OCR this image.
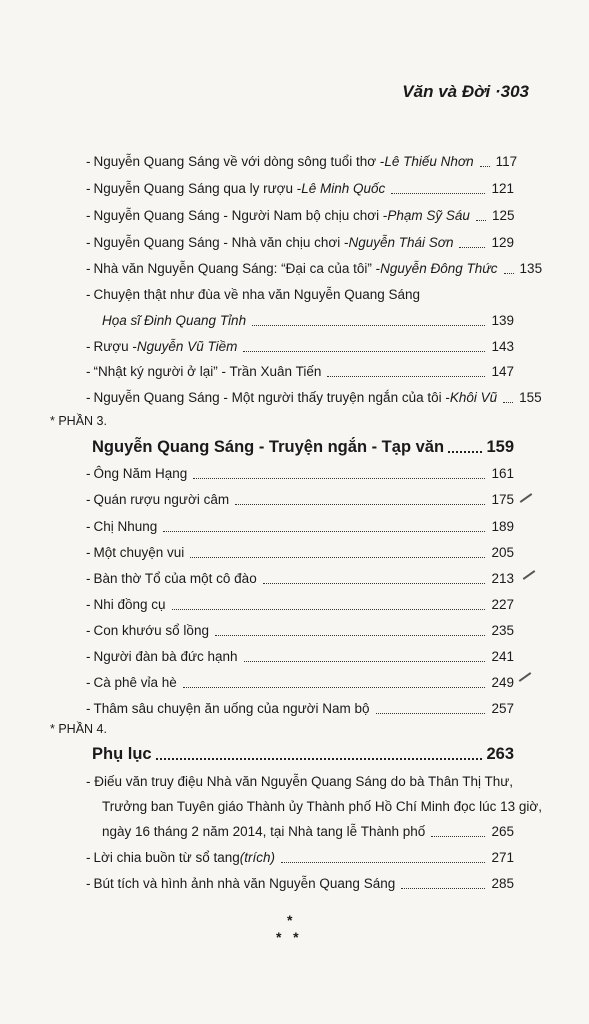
Văn và Đời ·303
- Nguyễn Quang Sáng về với dòng sông tuổi thơ - Lê Thiếu Nhơn 117
- Nguyễn Quang Sáng qua ly rượu - Lê Minh Quốc	121
- Nguyễn Quang Sáng - Người Nam bộ chịu chơi - Phạm Sỹ Sáu 125
- Nguyễn Quang Sáng - Nhà văn chịu chơi - Nguyễn Thái Sơn	129
- Nhà văn Nguyễn Quang Sáng: “Đại ca của tôi” - Nguyễn Đông Thức 135
- Chuyện thật như đùa về nha văn Nguyễn Quang Sáng
Họa sĩ Đinh Quang Tỉnh	139
- Rượu - Nguyễn Vũ Tiềm	143
- “Nhật ký người ở lại” - Trần Xuân Tiến	147
- Nguyễn Quang Sáng - Một người thấy truyện ngắn của tôi - Khôi Vũ 155
* PHẦN 3.
Nguyễn Quang Sáng - Truyện ngắn - Tạp văn	159
- Ông Năm Hạng	161
- Quán rượu người câm	175
- Chị Nhung	189
- Một chuyện vui	205
- Bàn thờ Tổ của một cô đào	213
- Nhi đồng cụ	227
- Con khướu sổ lồng	235
- Người đàn bà đức hạnh	241
- Cà phê vỉa hè	249
- Thâm sâu chuyện ăn uống của người Nam bộ	257
* PHẦN 4.
Phụ lục	263
- Điếu văn truy điệu Nhà văn Nguyễn Quang Sáng do bà Thân Thị Thư,
Trưởng ban Tuyên giáo Thành ủy Thành phố Hồ Chí Minh đọc lúc 13 giờ,
ngày 16 tháng 2 năm 2014, tại Nhà tang lễ Thành phố	265
- Lời chia buồn từ sổ tang (trích)	271
- Bút tích và hình ảnh nhà văn Nguyễn Quang Sáng	285
*
*   *
